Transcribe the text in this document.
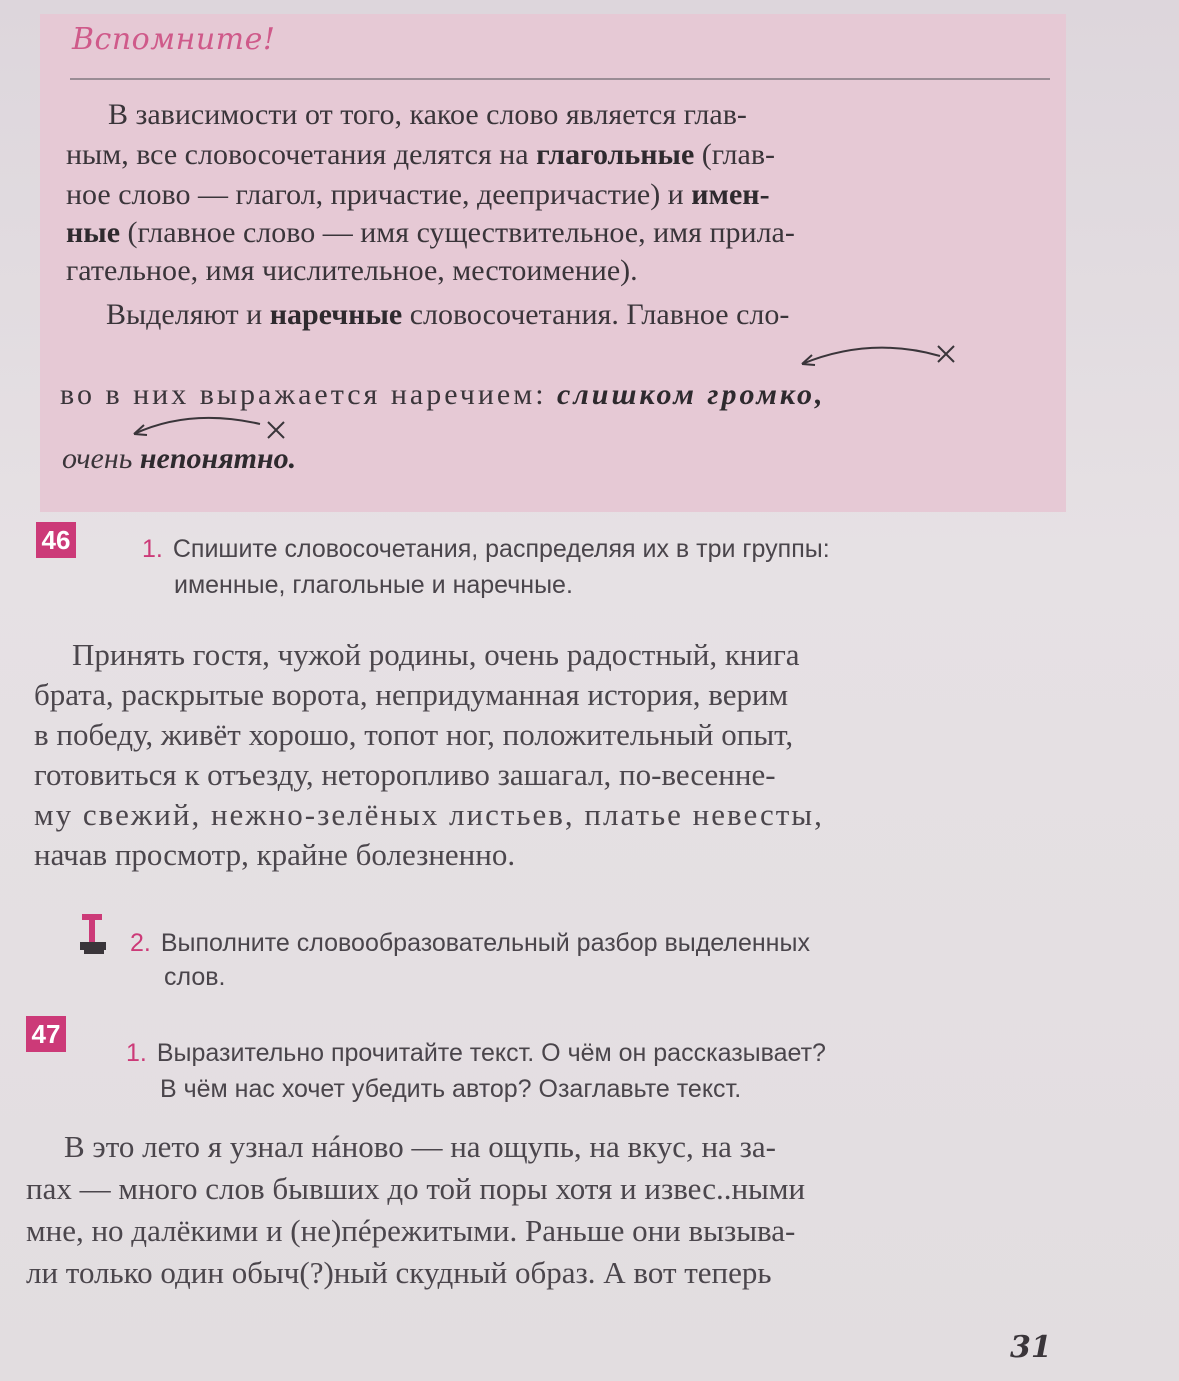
Вспомните!

В зависимости от того, какое слово является глав-

ным, все словосочетания делятся на глагольные (глав-

ное слово — глагол, причастие, деепричастие) и имен-

ные (главное слово — имя существительное, имя прила-

гательное, имя числительное, местоимение).

Выделяют и наречные словосочетания. Главное сло-

во в них выражается наречием: слишком громко,

очень непонятно.

46	1. Спишите словосочетания, распределяя их в три группы:
именные, глагольные и наречные.

Принять гостя, чужой родины, очень радостный, книга

брата, раскрытые ворота, непридуманная история, верим

в победу, живёт хорошо, топот ног, положительный опыт,

готовиться к отъезду, неторопливо зашагал, по-весенне-

му свежий, нежно-зелёных листьев, платье невесты,

начав просмотр, крайне болезненно.

2. Выполните словообразовательный разбор выделенных
слов.
47
1. Выразительно прочитайте текст. О чём он рассказывает?
В чём нас хочет убедить автор? Озаглавьте текст.

В это лето я узнал нáново — на ощупь, на вкус, на за-

пах — много слов бывших до той поры хотя и извес..ными

мне, но далёкими и (не)пéрежитыми. Раньше они вызыва-

ли только один обыч(?)ный скудный образ. А вот теперь

31
